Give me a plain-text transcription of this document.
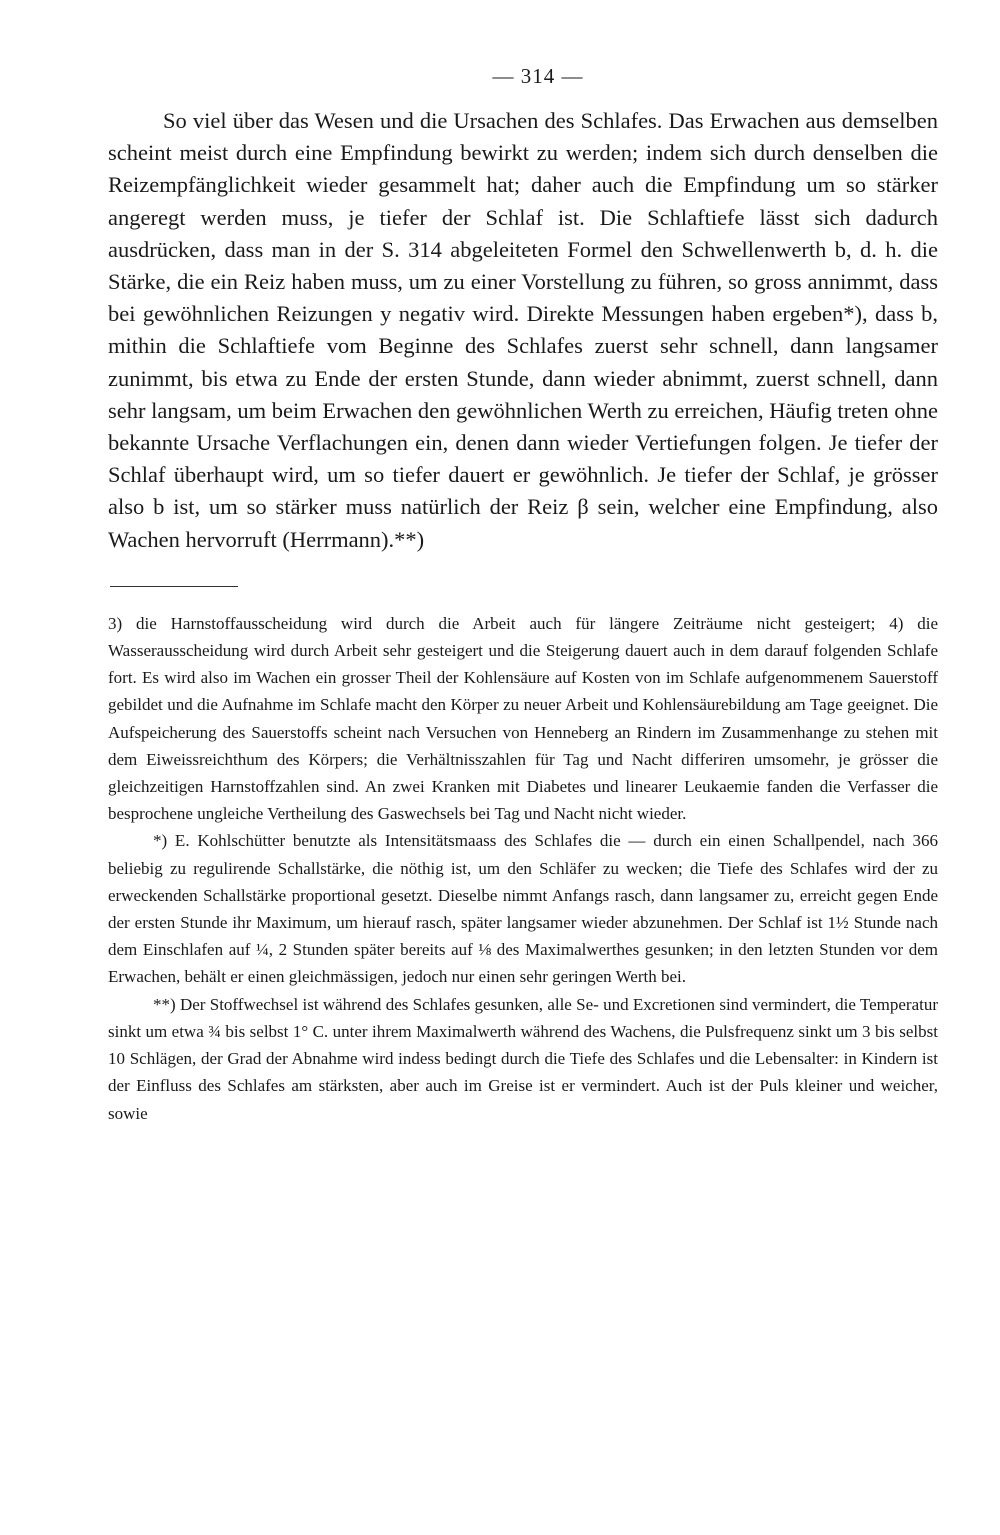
— 314 —

So viel über das Wesen und die Ursachen des Schlafes. Das Erwachen aus demselben scheint meist durch eine Empfindung bewirkt zu werden; indem sich durch denselben die Reizempfänglichkeit wieder gesammelt hat; daher auch die Empfindung um so stärker angeregt werden muss, je tiefer der Schlaf ist. Die Schlaftiefe lässt sich dadurch ausdrücken, dass man in der S. 314 abgeleiteten Formel den Schwellenwerth b, d. h. die Stärke, die ein Reiz haben muss, um zu einer Vorstellung zu führen, so gross annimmt, dass bei gewöhnlichen Reizungen y negativ wird. Direkte Messungen haben ergeben*), dass b, mithin die Schlaftiefe vom Beginne des Schlafes zuerst sehr schnell, dann langsamer zunimmt, bis etwa zu Ende der ersten Stunde, dann wieder abnimmt, zuerst schnell, dann sehr langsam, um beim Erwachen den gewöhnlichen Werth zu erreichen, Häufig treten ohne bekannte Ursache Verflachungen ein, denen dann wieder Vertiefungen folgen. Je tiefer der Schlaf überhaupt wird, um so tiefer dauert er gewöhnlich. Je tiefer der Schlaf, je grösser also b ist, um so stärker muss natürlich der Reiz β sein, welcher eine Empfindung, also Wachen hervorruft (Herrmann).**)

3) die Harnstoffausscheidung wird durch die Arbeit auch für längere Zeiträume nicht gesteigert; 4) die Wasserausscheidung wird durch Arbeit sehr gesteigert und die Steigerung dauert auch in dem darauf folgenden Schlafe fort. Es wird also im Wachen ein grosser Theil der Kohlensäure auf Kosten von im Schlafe aufgenommenem Sauerstoff gebildet und die Aufnahme im Schlafe macht den Körper zu neuer Arbeit und Kohlensäurebildung am Tage geeignet. Die Aufspeicherung des Sauerstoffs scheint nach Versuchen von Henneberg an Rindern im Zusammenhange zu stehen mit dem Eiweissreichthum des Körpers; die Verhältnisszahlen für Tag und Nacht differiren umsomehr, je grösser die gleichzeitigen Harnstoffzahlen sind. An zwei Kranken mit Diabetes und linearer Leukaemie fanden die Verfasser die besprochene ungleiche Vertheilung des Gaswechsels bei Tag und Nacht nicht wieder.

*) E. Kohlschütter benutzte als Intensitätsmaass des Schlafes die — durch ein einen Schallpendel, nach 366 beliebig zu regulirende Schallstärke, die nöthig ist, um den Schläfer zu wecken; die Tiefe des Schlafes wird der zu erweckenden Schallstärke proportional gesetzt. Dieselbe nimmt Anfangs rasch, dann langsamer zu, erreicht gegen Ende der ersten Stunde ihr Maximum, um hierauf rasch, später langsamer wieder abzunehmen. Der Schlaf ist 1½ Stunde nach dem Einschlafen auf ¼, 2 Stunden später bereits auf ⅛ des Maximalwerthes gesunken; in den letzten Stunden vor dem Erwachen, behält er einen gleichmässigen, jedoch nur einen sehr geringen Werth bei.

**) Der Stoffwechsel ist während des Schlafes gesunken, alle Se- und Excretionen sind vermindert, die Temperatur sinkt um etwa ¾ bis selbst 1° C. unter ihrem Maximalwerth während des Wachens, die Pulsfrequenz sinkt um 3 bis selbst 10 Schlägen, der Grad der Abnahme wird indess bedingt durch die Tiefe des Schlafes und die Lebensalter: in Kindern ist der Einfluss des Schlafes am stärksten, aber auch im Greise ist er vermindert. Auch ist der Puls kleiner und weicher, sowie
